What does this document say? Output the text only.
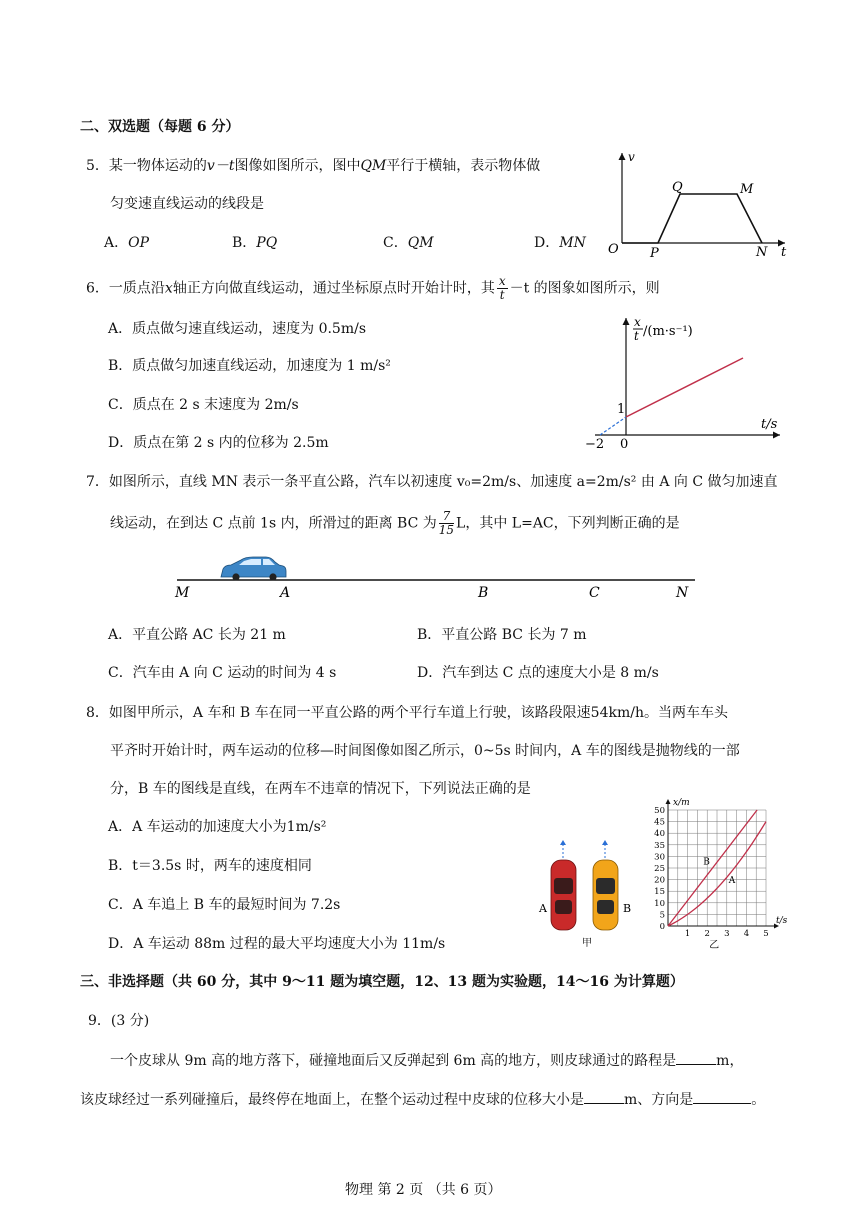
二、双选题（每题 6 分）
5．某一物体运动的v－t图像如图所示，图中QM平行于横轴，表示物体做
匀变速直线运动的线段是
A．OP	B．PQ	C．QM	D．MN
v
t
O P
Q	M
N
6．一质点沿x轴正方向做直线运动，通过坐标原点时开始计时，其 $\frac{x}{t} -t$ 的图象如图所示，则
A．质点做匀速直线运动，速度为 0.5m/s
B．质点做匀加速直线运动，加速度为 1 m/s²
C．质点在 2 s 末速度为 2m/s
D．质点在第 2 s 内的位移为 2.5m
x
t /(m·s⁻¹)
t/s
1
−2 0
7．如图所示，直线 MN 表示一条平直公路，汽车以初速度 v₀=2m/s、加速度 a=2m/s² 由 A 向 C 做匀加速直
线运动，在到达 C 点前 1s 内，所滑过的距离 BC 为 $\frac{7}{15}$ L，其中 L=AC，下列判断正确的是
M	A	B	C	N
A．平直公路 AC 长为 21 m	B．平直公路 BC 长为 7 m
C．汽车由 A 向 C 运动的时间为 4 s	D．汽车到达 C 点的速度大小是 8 m/s
8．如图甲所示，A 车和 B 车在同一平直公路的两个平行车道上行驶，该路段限速54km/h。当两车车头
平齐时开始计时，两车运动的位移—时间图像如图乙所示，0~5s 时间内，A 车的图线是抛物线的一部
分，B 车的图线是直线，在两车不违章的情况下，下列说法正确的是
A．A 车运动的加速度大小为1m/s²
B．t＝3.5s 时，两车的速度相同
C．A 车追上 B 车的最短时间为 7.2s
D．A 车运动 88m 过程的最大平均速度大小为 11m/s
A	B
甲
0
5
10
15
20
25
30
35
40
45
50
1 2 3 4 5
x/m
t/s
A
B
乙
三、非选择题（共 60 分，其中 9～11 题为填空题，12、13 题为实验题，14～16 为计算题）
9．(3 分)
一个皮球从 9m 高的地方落下，碰撞地面后又反弹起到 6m 高的地方，则皮球通过的路程是	m，
该皮球经过一系列碰撞后，最终停在地面上，在整个运动过程中皮球的位移大小是	m、方向是	。
物理 第 2 页 （共 6 页）
